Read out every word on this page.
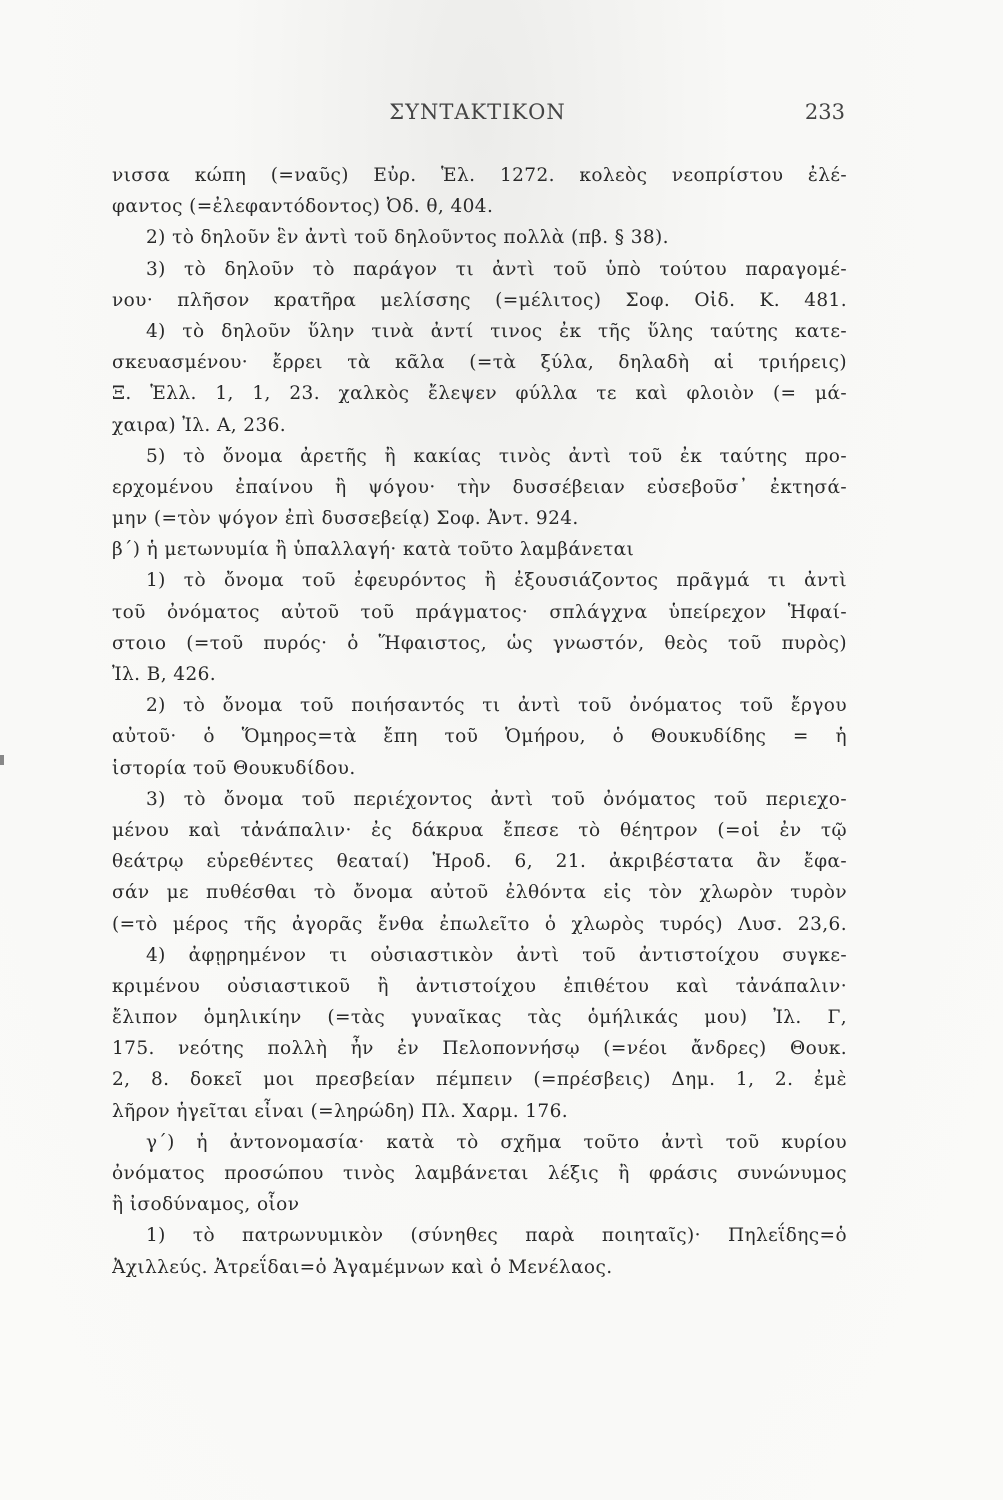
ΣΥΝΤΑΚΤΙΚΟΝ	233
νισσα κώπη (=ναῦς) Εὐρ. Ἑλ. 1272. κολεὸς νεοπρίστου ἐλέ-
φαντος (=ἐλεφαντόδοντος) Ὀδ. θ, 404.
2) τὸ δηλοῦν ἓν ἀντὶ τοῦ δηλοῦντος πολλὰ (πβ. § 38).
3) τὸ δηλοῦν τὸ παράγον τι ἀντὶ τοῦ ὑπὸ τούτου παραγομέ-
νου· πλῆσον κρατῆρα μελίσσης (=μέλιτος) Σοφ. Οἰδ. Κ. 481.
4) τὸ δηλοῦν ὕλην τινὰ ἀντί τινος ἐκ τῆς ὕλης ταύτης κατε-
σκευασμένου· ἔρρει τὰ κᾶλα (=τὰ ξύλα, δηλαδὴ αἱ τριήρεις)
Ξ. Ἑλλ. 1, 1, 23. χαλκὸς ἔλεψεν φύλλα τε καὶ φλοιὸν (= μά-
χαιρα) Ἰλ. Α, 236.
5) τὸ ὄνομα ἀρετῆς ἢ κακίας τινὸς ἀντὶ τοῦ ἐκ ταύτης προ-
ερχομένου ἐπαίνου ἢ ψόγου· τὴν δυσσέβειαν εὐσεβοῦσ᾽ ἐκτησά-
μην (=τὸν ψόγον ἐπὶ δυσσεβείᾳ) Σοφ. Ἀντ. 924.
β΄) ἡ μετωνυμία ἢ ὑπαλλαγή· κατὰ τοῦτο λαμβάνεται
1) τὸ ὄνομα τοῦ ἐφευρόντος ἢ ἐξουσιάζοντος πρᾶγμά τι ἀντὶ
τοῦ ὀνόματος αὐτοῦ τοῦ πράγματος· σπλάγχνα ὑπείρεχον Ἡφαί-
στοιο (=τοῦ πυρός· ὁ Ἥφαιστος, ὡς γνωστόν, θεὸς τοῦ πυρὸς)
Ἰλ. Β, 426.
2) τὸ ὄνομα τοῦ ποιήσαντός τι ἀντὶ τοῦ ὀνόματος τοῦ ἔργου
αὐτοῦ· ὁ Ὅμηρος=τὰ ἔπη τοῦ Ὁμήρου, ὁ Θουκυδίδης = ἡ
ἱστορία τοῦ Θουκυδίδου.
3) τὸ ὄνομα τοῦ περιέχοντος ἀντὶ τοῦ ὀνόματος τοῦ περιεχο-
μένου καὶ τἀνάπαλιν· ἐς δάκρυα ἔπεσε τὸ θέητρον (=οἱ ἐν τῷ
θεάτρῳ εὑρεθέντες θεαταί) Ἡροδ. 6, 21. ἀκριβέστατα ἂν ἔφα-
σάν με πυθέσθαι τὸ ὄνομα αὐτοῦ ἐλθόντα εἰς τὸν χλωρὸν τυρὸν
(=τὸ μέρος τῆς ἀγορᾶς ἔνθα ἐπωλεῖτο ὁ χλωρὸς τυρός) Λυσ. 23,6.
4) ἀφῃρημένον τι οὐσιαστικὸν ἀντὶ τοῦ ἀντιστοίχου συγκε-
κριμένου οὐσιαστικοῦ ἢ ἀντιστοίχου ἐπιθέτου καὶ τἀνάπαλιν·
ἔλιπον ὁμηλικίην (=τὰς γυναῖκας τὰς ὁμήλικάς μου) Ἰλ. Γ,
175. νεότης πολλὴ ἦν ἐν Πελοποννήσῳ (=νέοι ἄνδρες) Θουκ.
2, 8. δοκεῖ μοι πρεσβείαν πέμπειν (=πρέσβεις) Δημ. 1, 2. ἐμὲ
λῆρον ἡγεῖται εἶναι (=ληρώδη) Πλ. Χαρμ. 176.
γ΄) ἡ ἀντονομασία· κατὰ τὸ σχῆμα τοῦτο ἀντὶ τοῦ κυρίου
ὀνόματος προσώπου τινὸς λαμβάνεται λέξις ἢ φράσις συνώνυμος
ἢ ἰσοδύναμος, οἷον
1) τὸ πατρωνυμικὸν (σύνηθες παρὰ ποιηταῖς)· Πηλεΐδης=ὁ
Ἀχιλλεύς. Ἀτρεΐδαι=ὁ Ἀγαμέμνων καὶ ὁ Μενέλαος.
